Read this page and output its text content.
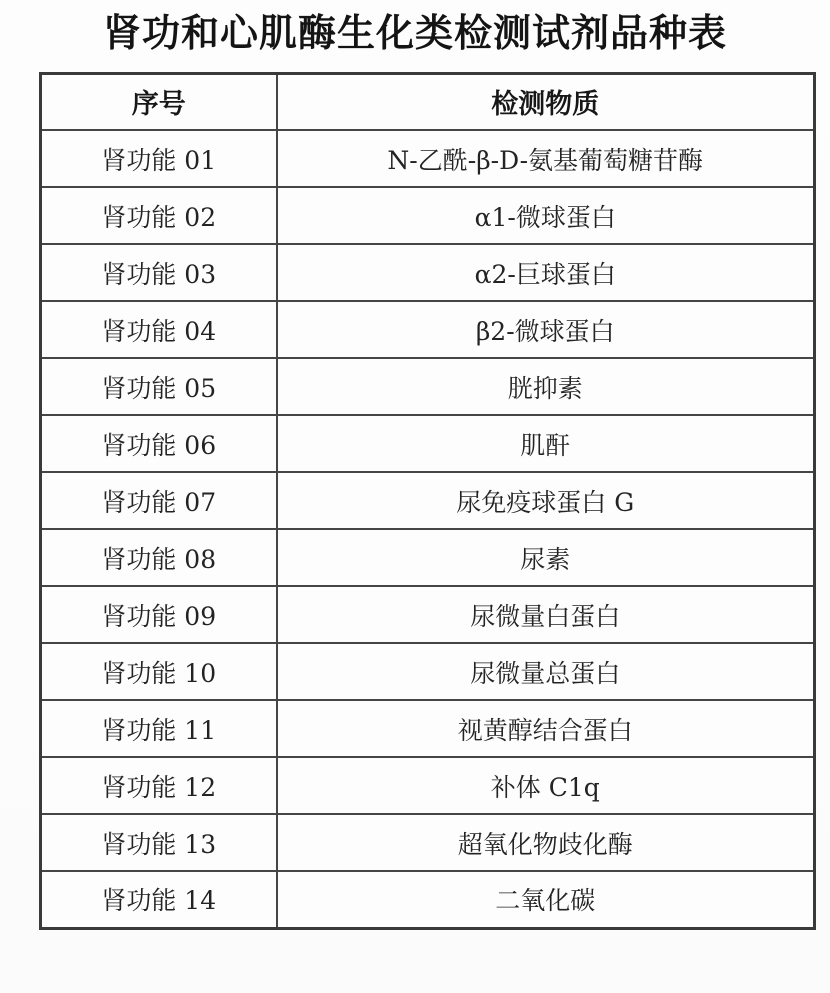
肾功和心肌酶生化类检测试剂品种表
序号	检测物质
肾功能 01	N-乙酰-β-D-氨基葡萄糖苷酶
肾功能 02	α1-微球蛋白
肾功能 03	α2-巨球蛋白
肾功能 04	β2-微球蛋白
肾功能 05	胱抑素
肾功能 06	肌酐
肾功能 07	尿免疫球蛋白 G
肾功能 08	尿素
肾功能 09	尿微量白蛋白
肾功能 10	尿微量总蛋白
肾功能 11	视黄醇结合蛋白
肾功能 12	补体 C1q
肾功能 13	超氧化物歧化酶
肾功能 14	二氧化碳
